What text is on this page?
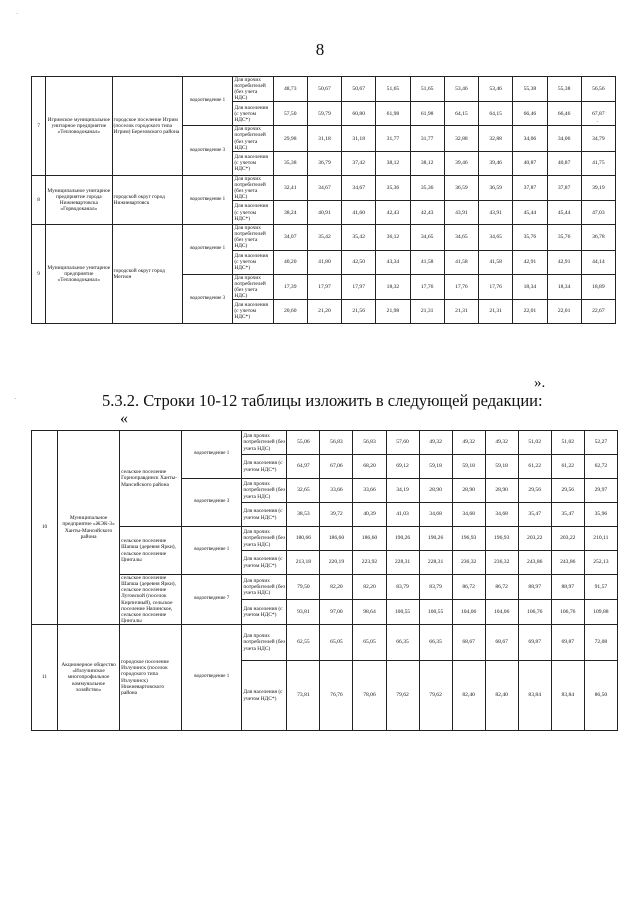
8
7	Игримское муниципальное унитарное предприятие «Тепловодоканал»	городское поселение Игрим (поселок городского типа Игрим) Березовского района	водоотведение 1	Для прочих потребителей (без учета НДС)	48,73	50,67	50,67	51,65	51,65	53,46	53,46	55,38	55,38	56,56
				Для населения (с учетом НДС*)	57,50	59,79	60,80	61,98	61,98	64,15	64,15	66,46	66,46	67,87
			водоотведение 3	Для прочих потребителей (без учета НДС)	29,98	31,18	31,18	31,77	31,77	32,88	32,88	34,06	34,06	34,79
				Для населения (с учетом НДС*)	35,38	36,79	37,42	38,12	38,12	39,46	39,46	40,87	40,87	41,75
8	Муниципальное унитарное предприятие города Нижневартовска «Горводоканал»	городской округ город Нижневартовск	водоотведение 1	Для прочих потребителей (без учета НДС)	32,41	34,67	34,67	35,36	35,36	36,59	36,59	37,87	37,87	39,19
				Для населения (с учетом НДС*)	38,24	40,91	41,60	42,43	42,43	43,91	43,91	45,44	45,44	47,03
9	Муниципальное унитарное предприятие «Тепловодоканал»	городской округ город Мегион	водоотведение 1	Для прочих потребителей (без учета НДС)	34,07	35,42	35,42	36,12	34,65	34,65	34,65	35,76	35,76	36,78
				Для населения (с учетом НДС*)	40,20	41,80	42,50	43,34	41,58	41,58	41,58	42,91	42,91	44,14
			водоотведение 3	Для прочих потребителей (без учета НДС)	17,39	17,97	17,97	18,32	17,76	17,76	17,76	18,34	18,34	18,89
				Для населения (с учетом НДС*)	20,60	21,20	21,56	21,98	21,31	21,31	21,31	22,01	22,01	22,67
».
5.3.2. Строки 10-12 таблицы изложить в следующей редакции:
«
10	Муниципальное предприятие «ЖЭК-3» Ханты-Мансийского района	сельское поселение Горноправдинск Ханты-Мансийского района	водоотведение 1	Для прочих потребителей (без учета НДС)	55,06	56,83	56,83	57,60	49,32	49,32	49,32	51,02	51,02	52,27
				Для населения (с учетом НДС*)	64,97	67,06	68,20	69,12	59,18	59,18	59,18	61,22	61,22	62,72
			водоотведение 3	Для прочих потребителей (без учета НДС)	32,65	33,66	33,66	34,19	28,90	28,90	28,90	29,56	29,56	29,97
				Для населения (с учетом НДС*)	38,53	39,72	40,39	41,03	34,68	34,68	34,68	35,47	35,47	35,96
		сельское поселение Шапша (деревня Ярки), сельское поселение Цингалы	водоотведение 1	Для прочих потребителей (без учета НДС)	180,66	186,60	186,60	190,26	190,26	196,93	196,93	203,22	203,22	210,11
				Для населения (с учетом НДС*)	213,18	220,19	223,92	228,31	228,31	236,32	236,32	243,86	243,86	252,13
		сельское поселение Шапша (деревня Ярки), сельское поселение Луговской (поселок Кирпичный), сельское поселение Нялинское, сельское поселение Цингалы	водоотведение 7	Для прочих потребителей (без учета НДС)	79,50	82,20	82,20	83,79	83,79	86,72	86,72	88,97	88,97	91,57
				Для населения (с учетом НДС*)	93,81	97,00	98,64	100,55	100,55	104,06	104,06	106,76	106,76	109,88
11	Акционерное общество «Излучинское многопрофильное коммунальное хозяйство»	городское поселение Излучинск (поселок городского типа Излучинск) Нижневартовского района	водоотведение 1	Для прочих потребителей (без учета НДС)	62,55	65,05	65,05	66,35	66,35	68,67	68,67	69,87	69,87	72,08
				Для населения (с учетом НДС*)	73,81	76,76	78,06	79,62	79,62	82,40	82,40	83,84	83,84	86,50
·
·
·
